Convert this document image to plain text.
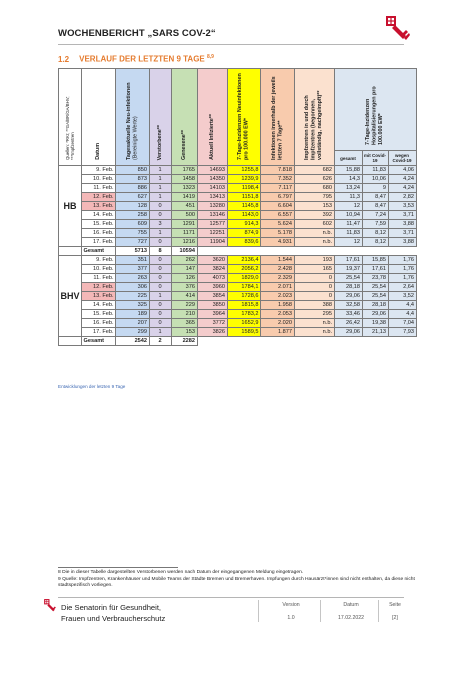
WOCHENBERICHT „SARS COV-2“
1.2 VERLAUF DER LETZTEN 9 TAGE $^{8,9}$
Quellen: *RKI; **GA/BR/GA/BHV; ***Impfzentren	Datum	Tagesaktuelle Neu-infektionen (Bereinigte Werte)	Verstorbene**	Genesene**	Aktuell Infizierte**	7-Tage-Inzidenzen Neuinfektionen pro 100.000 EW*	Infektionen innerhalb der jeweils letzten 7 Tage**	Impfzentren in und durch Impfzentren (begonnen, vollständig, nachgeimpft)**	7-Tage-Inzidenzen Hospitalisierungen pro 100.000 EW*		
									gesamt	mit Covid-19	wegen Covid-19
HB	9. Feb.	850	1	1765	14693	1255,8	7.818	682	15,88	11,83	4,06
	10. Feb.	873	1	1458	14350	1239,9	7.352	626	14,3	10,06	4,24
	11. Feb.	886	1	1323	14103	1198,4	7.117	680	13,24	9	4,24
	12. Feb.	627	1	1419	13413	1151,8	6.797	795	11,3	8,47	2,82
	13. Feb.	128	0	451	13280	1145,8	6.604	153	12	8,47	3,53
	14. Feb.	258	0	500	13146	1143,0	6.557	392	10,94	7,24	3,71
	15. Feb.	609	3	1291	12577	914,3	5.624	602	11,47	7,59	3,88
	16. Feb.	755	1	1171	12251	874,9	5.178	n.b.	11,83	8,12	3,71
	17. Feb.	727	0	1216	11904	839,6	4.931	n.b.	12	8,12	3,88
	Gesamt	5713	8	10594							
BHV	9. Feb.	351	0	262	3620	2136,4	1.544	193	17,61	15,85	1,76
	10. Feb.	377	0	147	3824	2056,2	2.428	165	19,37	17,61	1,76
	11. Feb.	263	0	126	4073	1829,0	2.329	0	25,54	23,78	1,76
	12. Feb.	306	0	376	3960	1784,1	2.071	0	28,18	25,54	2,64
	13. Feb.	225	1	414	3854	1728,6	2.023	0	29,06	25,54	3,52
	14. Feb.	325	0	229	3850	1815,8	1.958	388	32,58	28,18	4,4
	15. Feb.	189	0	210	3964	1783,2	2.053	295	33,46	29,06	4,4
	16. Feb.	207	0	365	3772	1652,9	2.020	n.b.	26,42	19,38	7,04
	17. Feb.	299	1	153	3826	1589,5	1.877	n.b.	29,06	21,13	7,93
	Gesamt	2542	2	2282							
Entwicklungen der letzten 9 Tage
8 Die in dieser Tabelle dargestellten Verstorbenen werden nach Datum der eingegangenen Meldung eingetragen.
9 Quelle: Impfzentren, Krankenhäuser und Mobile Teams der Städte Bremen und Bremerhaven. Impfungen durch Hausärzt*innen sind nicht enthalten, da diese nicht stadtspezifisch vorliegen.
Die Senatorin für Gesundheit,
Frauen und Verbraucherschutz
Version
1.0
Datum
17.02.2022
Seite
[2]
